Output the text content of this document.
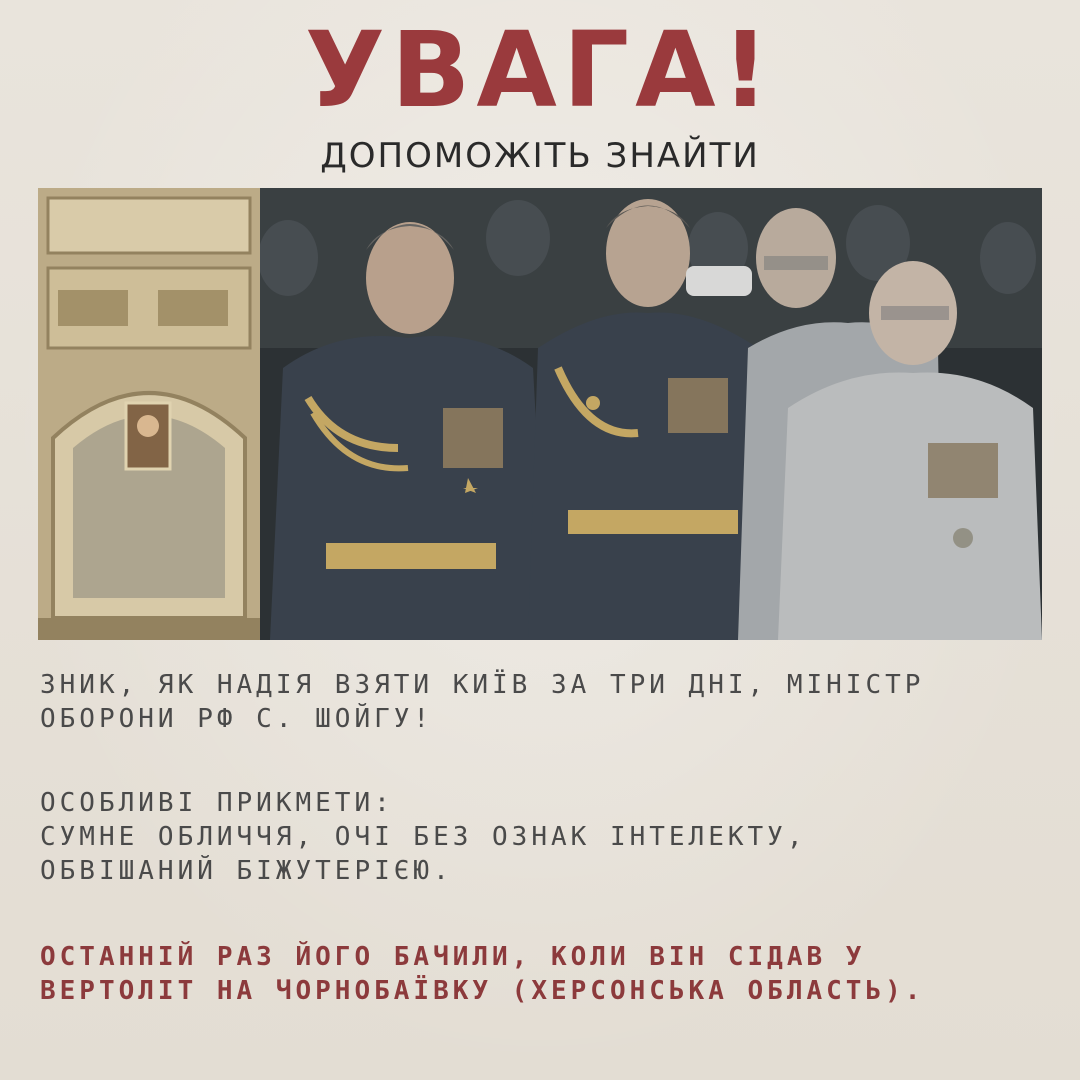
УВАГА!
ДОПОМОЖІТЬ ЗНАЙТИ
ЗНИК, ЯК НАДІЯ ВЗЯТИ КИЇВ ЗА ТРИ ДНІ, МІНІСТР
ОБОРОНИ РФ С. ШОЙГУ!
ОСОБЛИВІ ПРИКМЕТИ:
СУМНЕ ОБЛИЧЧЯ, ОЧІ БЕЗ ОЗНАК ІНТЕЛЕКТУ,
ОБВІШАНИЙ БІЖУТЕРІЄЮ.
ОСТАННІЙ РАЗ ЙОГО БАЧИЛИ, КОЛИ ВІН СІДАВ У
ВЕРТОЛІТ НА ЧОРНОБАЇВКУ (ХЕРСОНСЬКА ОБЛАСТЬ).
